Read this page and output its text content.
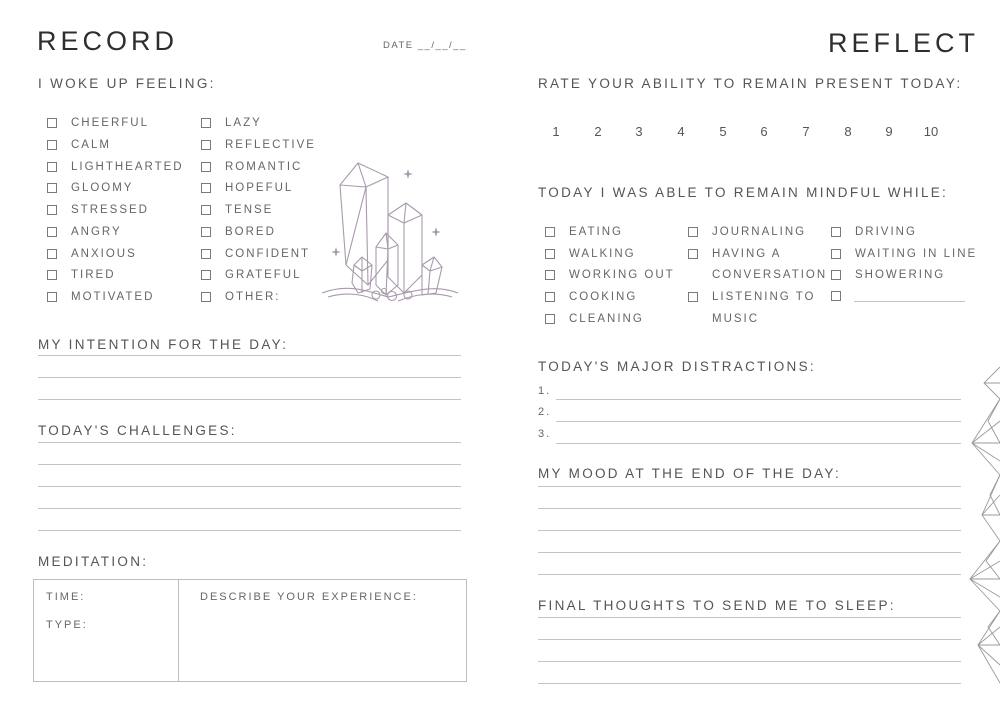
RECORD	DATE __/__/__
I WOKE UP FEELING:
CHEERFUL
CALM
LIGHTHEARTED
GLOOMY
STRESSED
ANGRY
ANXIOUS
TIRED
MOTIVATED
LAZY
REFLECTIVE
ROMANTIC
HOPEFUL
TENSE
BORED
CONFIDENT
GRATEFUL
OTHER:
MY INTENTION FOR THE DAY:
TODAY'S CHALLENGES:
MEDITATION:
TIME:
TYPE:
DESCRIBE YOUR EXPERIENCE:
REFLECT
RATE YOUR ABILITY TO REMAIN PRESENT TODAY:
1	2	3	4	5	6	7	8	9	10
TODAY I WAS ABLE TO REMAIN MINDFUL WHILE:
EATING
WALKING
WORKING OUT
COOKING
CLEANING
JOURNALING
HAVING A
CONVERSATION
LISTENING TO
MUSIC
DRIVING
WAITING IN LINE
SHOWERING
TODAY'S MAJOR DISTRACTIONS:
1.
2.
3.
MY MOOD AT THE END OF THE DAY:
FINAL THOUGHTS TO SEND ME TO SLEEP:
